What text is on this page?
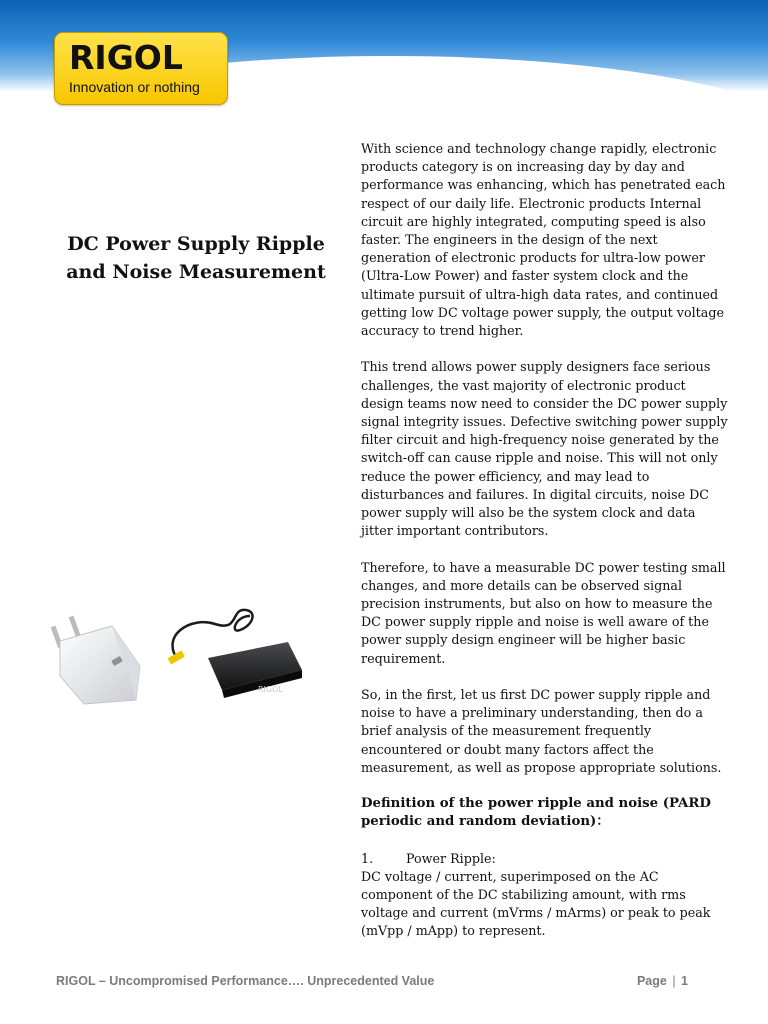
RIGOL
Innovation or nothing
DC Power Supply Ripple
and Noise Measurement
RIGOL

With science and technology change rapidly, electronic products category is on increasing day by day and performance was enhancing, which has penetrated each respect of our daily life. Electronic products Internal circuit are highly integrated, computing speed is also faster. The engineers in the design of the next generation of electronic products for ultra-low power (Ultra-Low Power) and faster system clock and the ultimate pursuit of ultra-high data rates, and continued getting low DC voltage power supply, the output voltage accuracy to trend higher.

This trend allows power supply designers face serious challenges, the vast majority of electronic product design teams now need to consider the DC power supply signal integrity issues. Defective switching power supply filter circuit and high-frequency noise generated by the switch-off can cause ripple and noise. This will not only reduce the power efficiency, and may lead to disturbances and failures. In digital circuits, noise DC power supply will also be the system clock and data jitter important contributors.

Therefore, to have a measurable DC power testing small changes, and more details can be observed signal precision instruments, but also on how to measure the DC power supply ripple and noise is well aware of the power supply design engineer will be higher basic requirement.

So, in the first, let us first DC power supply ripple and noise to have a preliminary understanding, then do a brief analysis of the measurement frequently encountered or doubt many factors affect the measurement, as well as propose appropriate solutions.

Definition of the power ripple and noise (PARD periodic and random deviation)：
1.	Power Ripple:
DC voltage / current, superimposed on the AC component of the DC stabilizing amount, with rms voltage and current (mVrms / mArms) or peak to peak (mVpp / mApp) to represent.
RIGOL – Uncompromised Performance…. Unprecedented Value	Page | 1
